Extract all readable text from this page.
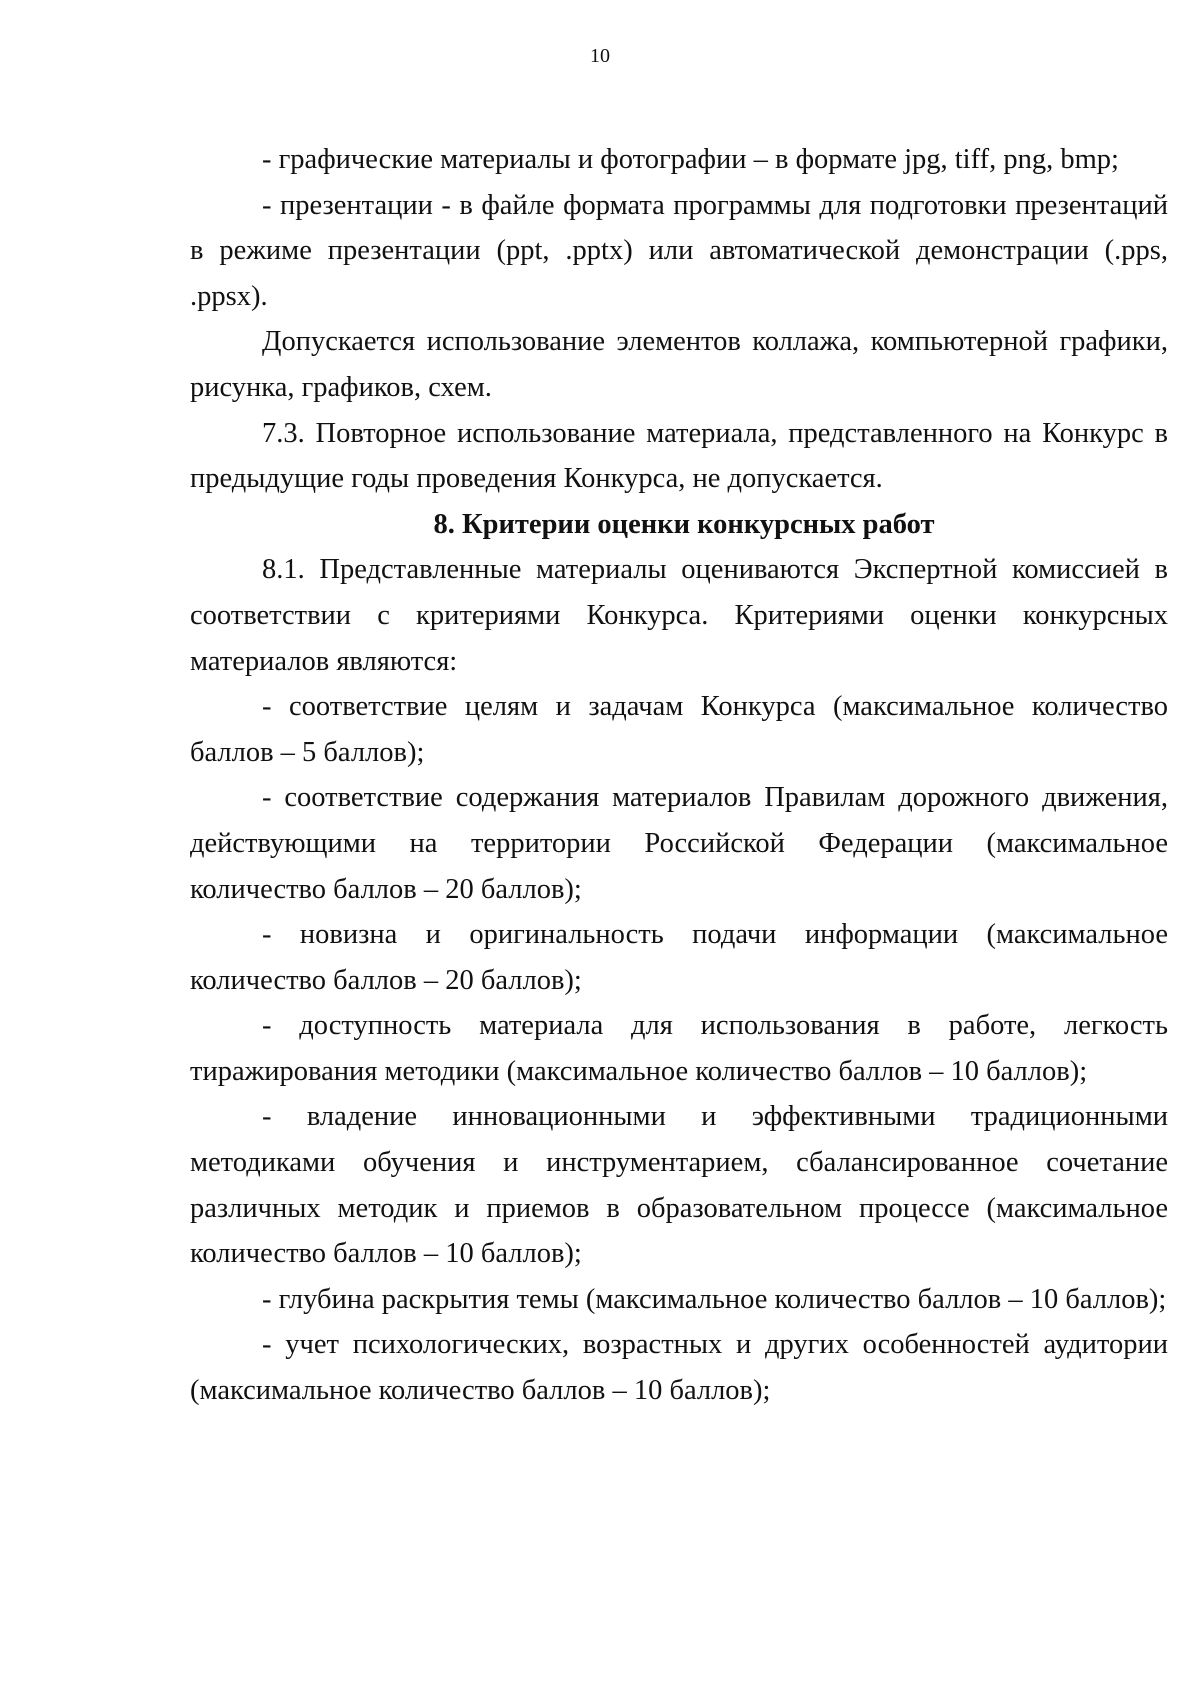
10

- графические материалы и фотографии – в формате jpg, tiff, png, bmp;

- презентации - в файле формата программы для подготовки презентаций в режиме презентации (ppt, .pptx) или автоматической демонстрации (.pps, .ppsx).

Допускается использование элементов коллажа, компьютерной графики, рисунка, графиков, схем.

7.3. Повторное использование материала, представленного на Конкурс в предыдущие годы проведения Конкурса, не допускается.

8. Критерии оценки конкурсных работ

8.1. Представленные материалы оцениваются Экспертной комиссией в соответствии с критериями Конкурса. Критериями оценки конкурсных материалов являются:

- соответствие целям и задачам Конкурса (максимальное количество баллов – 5 баллов);

- соответствие содержания материалов Правилам дорожного движения, действующими на территории Российской Федерации (максимальное количество баллов – 20 баллов);

- новизна и оригинальность подачи информации (максимальное количество баллов – 20 баллов);

- доступность материала для использования в работе, легкость тиражирования методики (максимальное количество баллов – 10 баллов);

- владение инновационными и эффективными традиционными методиками обучения и инструментарием, сбалансированное сочетание различных методик и приемов в образовательном процессе (максимальное количество баллов – 10 баллов);

- глубина раскрытия темы (максимальное количество баллов – 10 баллов);

- учет психологических, возрастных и других особенностей аудитории (максимальное количество баллов – 10 баллов);
